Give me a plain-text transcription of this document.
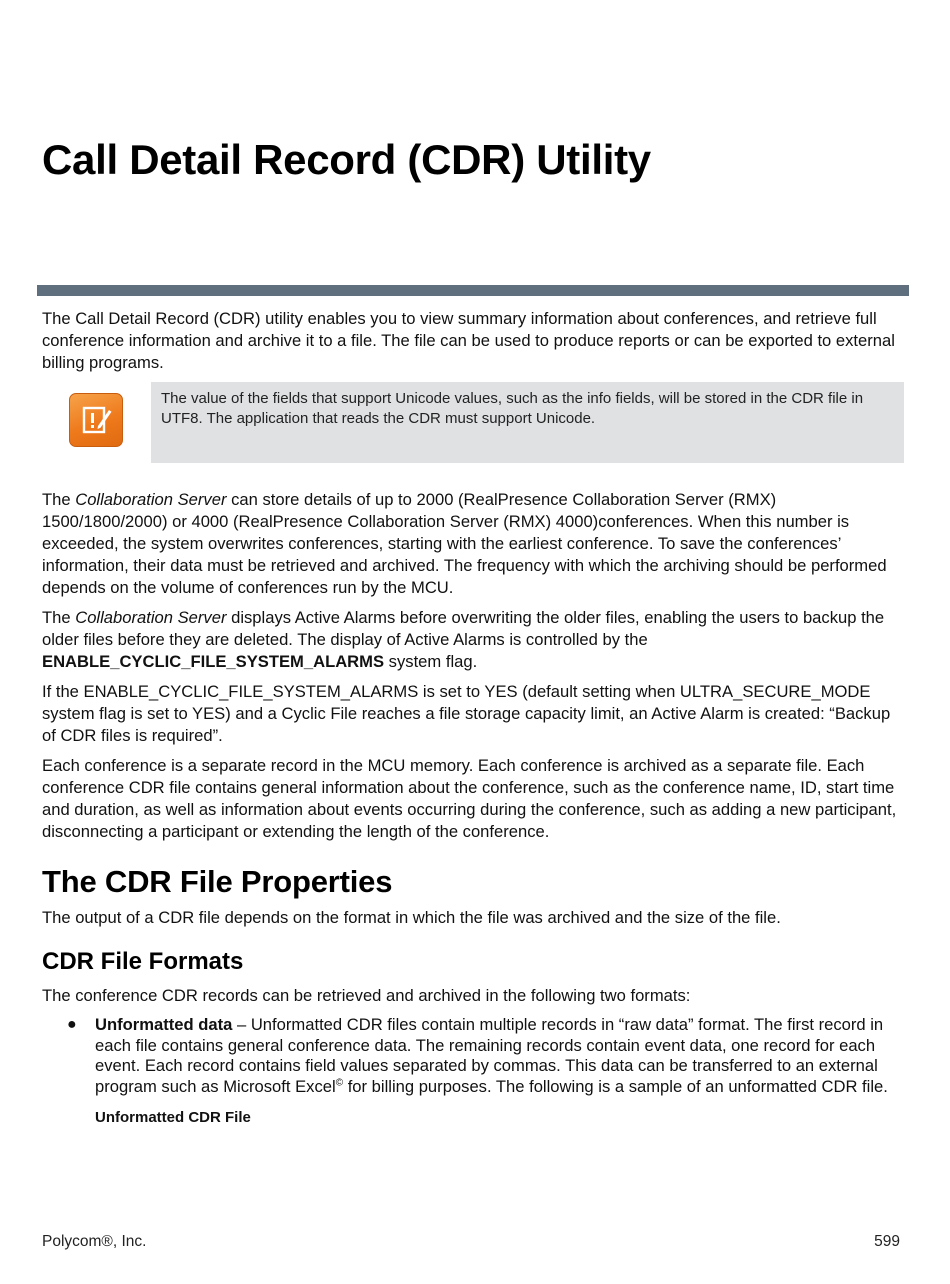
Call Detail Record (CDR) Utility

The Call Detail Record (CDR) utility enables you to view summary information about conferences, and retrieve full conference information and archive it to a file. The file can be used to produce reports or can be exported to external billing programs.

The value of the fields that support Unicode values, such as the info fields, will be stored in the CDR file in UTF8. The application that reads the CDR must support Unicode.

The Collaboration Server can store details of up to 2000 (RealPresence Collaboration Server (RMX) 1500/1800/2000) or 4000 (RealPresence Collaboration Server (RMX) 4000)conferences. When this number is exceeded, the system overwrites conferences, starting with the earliest conference. To save the conferences’ information, their data must be retrieved and archived. The frequency with which the archiving should be performed depends on the volume of conferences run by the MCU.

The Collaboration Server displays Active Alarms before overwriting the older files, enabling the users to backup the older files before they are deleted. The display of Active Alarms is controlled by the ENABLE_CYCLIC_FILE_SYSTEM_ALARMS system flag.

If the ENABLE_CYCLIC_FILE_SYSTEM_ALARMS is set to YES (default setting when ULTRA_SECURE_MODE system flag is set to YES) and a Cyclic File reaches a file storage capacity limit, an Active Alarm is created: “Backup of CDR files is required”.

Each conference is a separate record in the MCU memory. Each conference is archived as a separate file. Each conference CDR file contains general information about the conference, such as the conference name, ID, start time and duration, as well as information about events occurring during the conference, such as adding a new participant, disconnecting a participant or extending the length of the conference.

The CDR File Properties

The output of a CDR file depends on the format in which the file was archived and the size of the file.

CDR File Formats

The conference CDR records can be retrieved and archived in the following two formats:

● Unformatted data – Unformatted CDR files contain multiple records in “raw data” format. The first record in each file contains general conference data. The remaining records contain event data, one record for each event. Each record contains field values separated by commas. This data can be transferred to an external program such as Microsoft Excel© for billing purposes. The following is a sample of an unformatted CDR file.
Unformatted CDR File
Polycom®, Inc.	599
